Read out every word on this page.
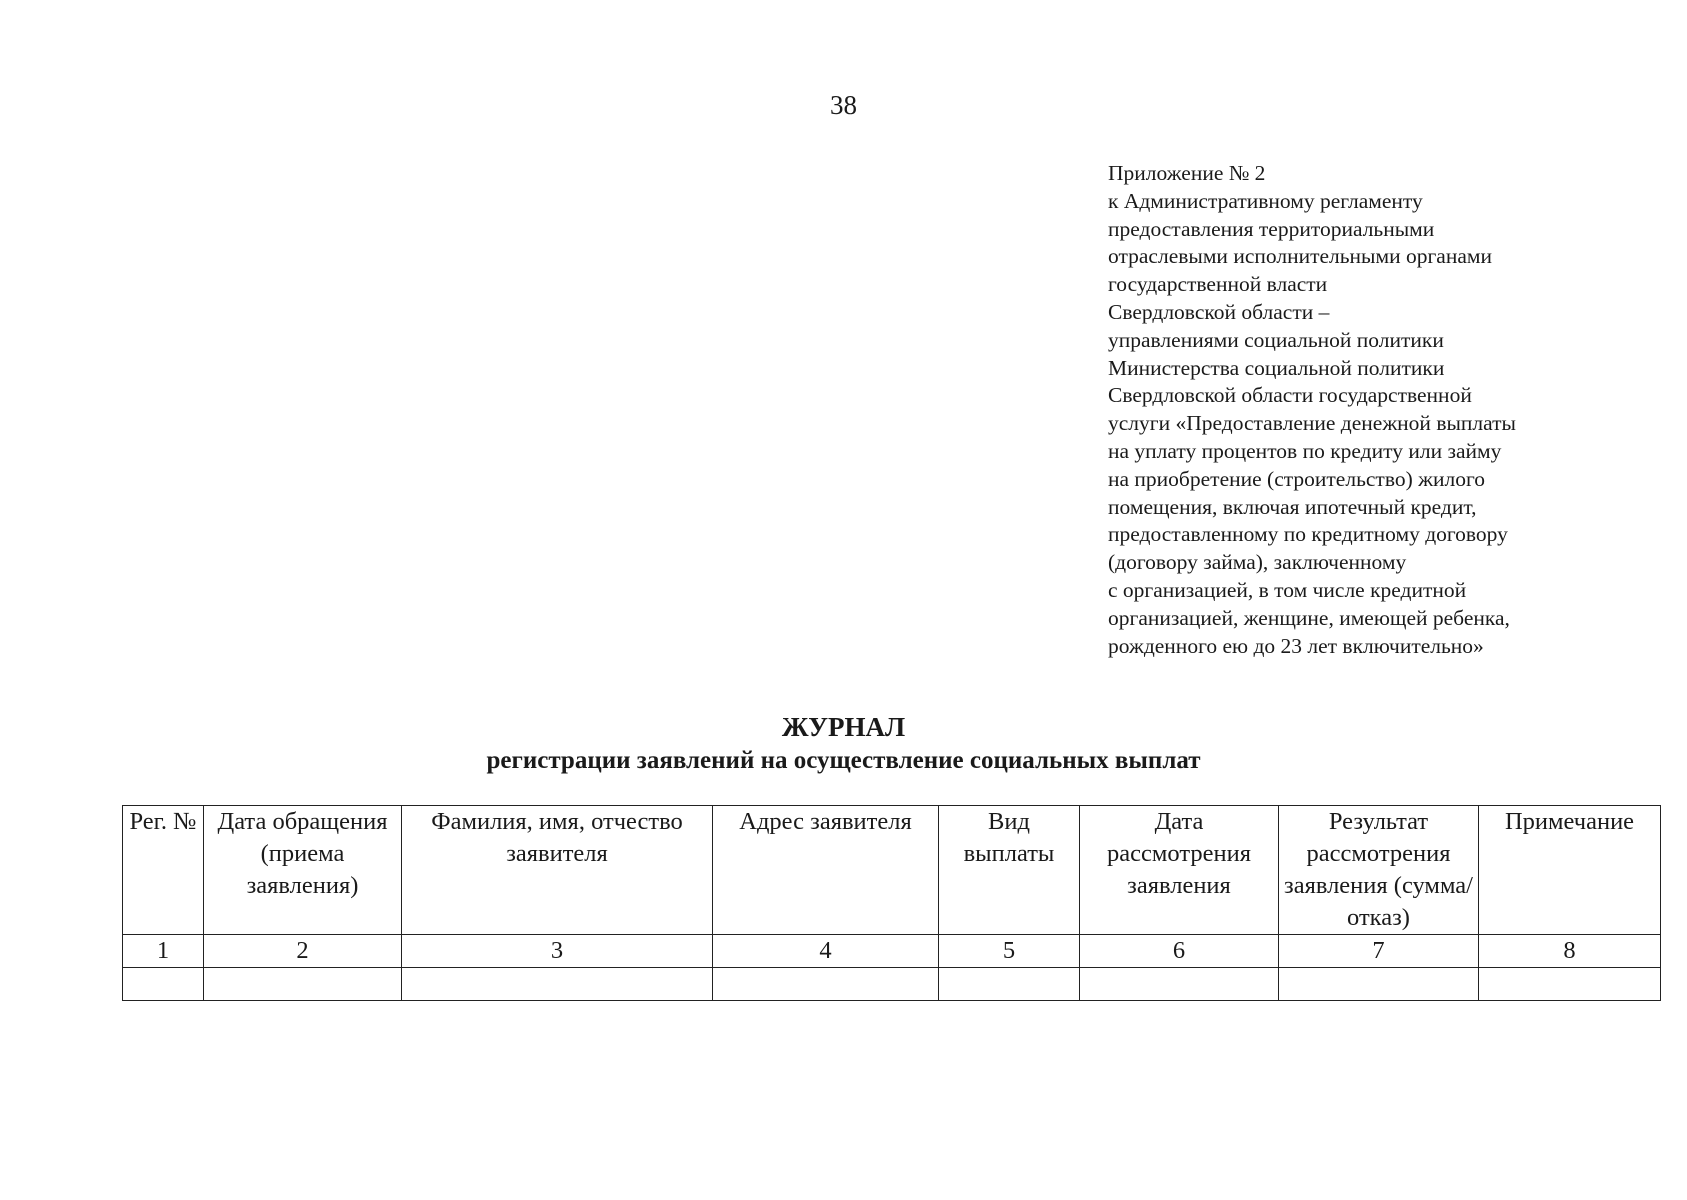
38
Приложение № 2
к Административному регламенту
предоставления территориальными
отраслевыми исполнительными органами
государственной власти
Свердловской области –
управлениями социальной политики
Министерства социальной политики
Свердловской области государственной
услуги «Предоставление денежной выплаты
на уплату процентов по кредиту или займу
на приобретение (строительство) жилого
помещения, включая ипотечный кредит,
предоставленному по кредитному договору
(договору займа), заключенному
с организацией, в том числе кредитной
организацией, женщине, имеющей ребенка,
рожденного ею до 23 лет включительно»
ЖУРНАЛ
регистрации заявлений на осуществление социальных выплат
Рег. №	Дата обращения (приема заявления)	Фамилия, имя, отчество заявителя	Адрес заявителя	Вид выплаты	Дата рассмотрения заявления	Результат рассмотрения заявления (сумма/отказ)	Примечание
1	2	3	4	5	6	7	8
